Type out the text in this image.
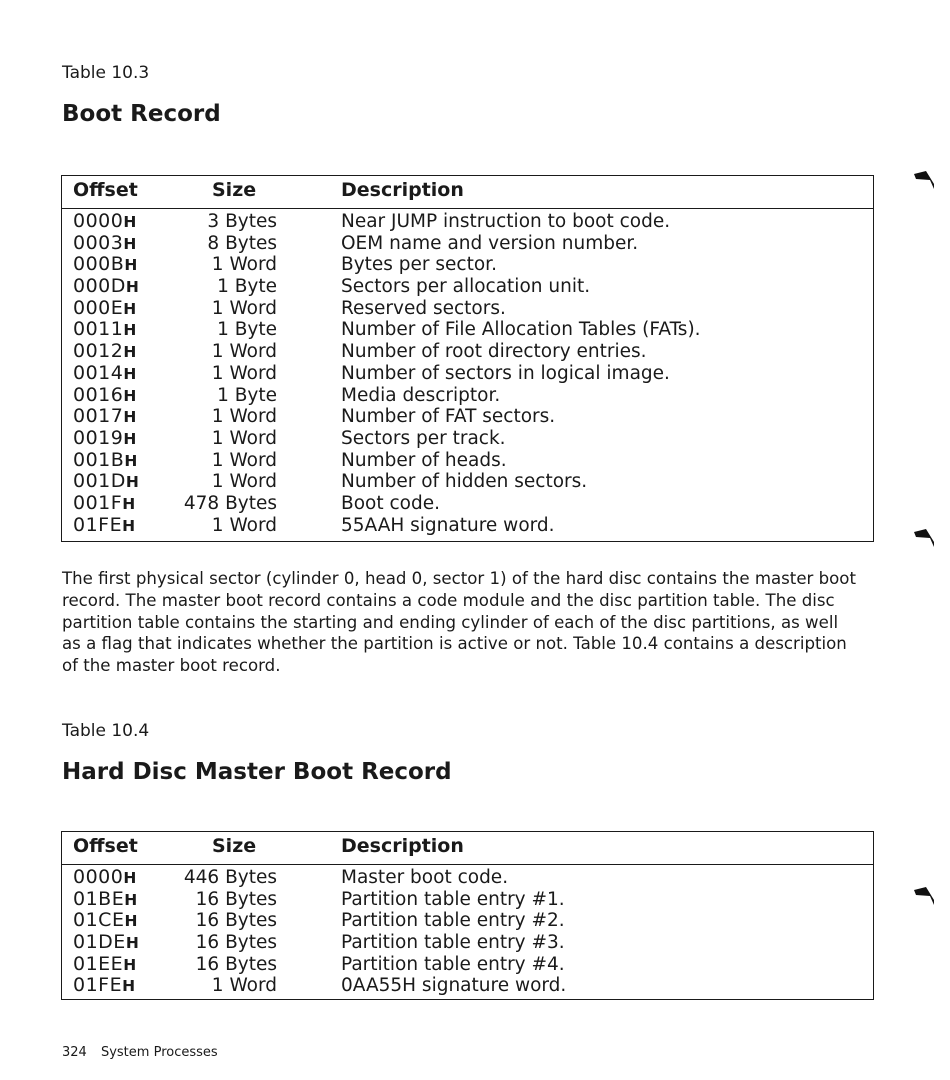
Table 10.3
Boot Record
Offset	Size	Description
0000H	3 Bytes	Near JUMP instruction to boot code.
0003H	8 Bytes	OEM name and version number.
000BH	1 Word	Bytes per sector.
000DH	1 Byte	Sectors per allocation unit.
000EH	1 Word	Reserved sectors.
0011H	1 Byte	Number of File Allocation Tables (FATs).
0012H	1 Word	Number of root directory entries.
0014H	1 Word	Number of sectors in logical image.
0016H	1 Byte	Media descriptor.
0017H	1 Word	Number of FAT sectors.
0019H	1 Word	Sectors per track.
001BH	1 Word	Number of heads.
001DH	1 Word	Number of hidden sectors.
001FH	478 Bytes	Boot code.
01FEH	1 Word	55AAH signature word.

The first physical sector (cylinder 0, head 0, sector 1) of the hard disc contains the master boot record. The master boot record contains a code module and the disc partition table. The disc partition table contains the starting and ending cylinder of each of the disc partitions, as well as a flag that indicates whether the partition is active or not. Table 10.4 contains a description of the master boot record.

Table 10.4
Hard Disc Master Boot Record
Offset	Size	Description
0000H	446 Bytes	Master boot code.
01BEH	16 Bytes	Partition table entry #1.
01CEH	16 Bytes	Partition table entry #2.
01DEH	16 Bytes	Partition table entry #3.
01EEH	16 Bytes	Partition table entry #4.
01FEH	1 Word	0AA55H signature word.
324 System Processes
